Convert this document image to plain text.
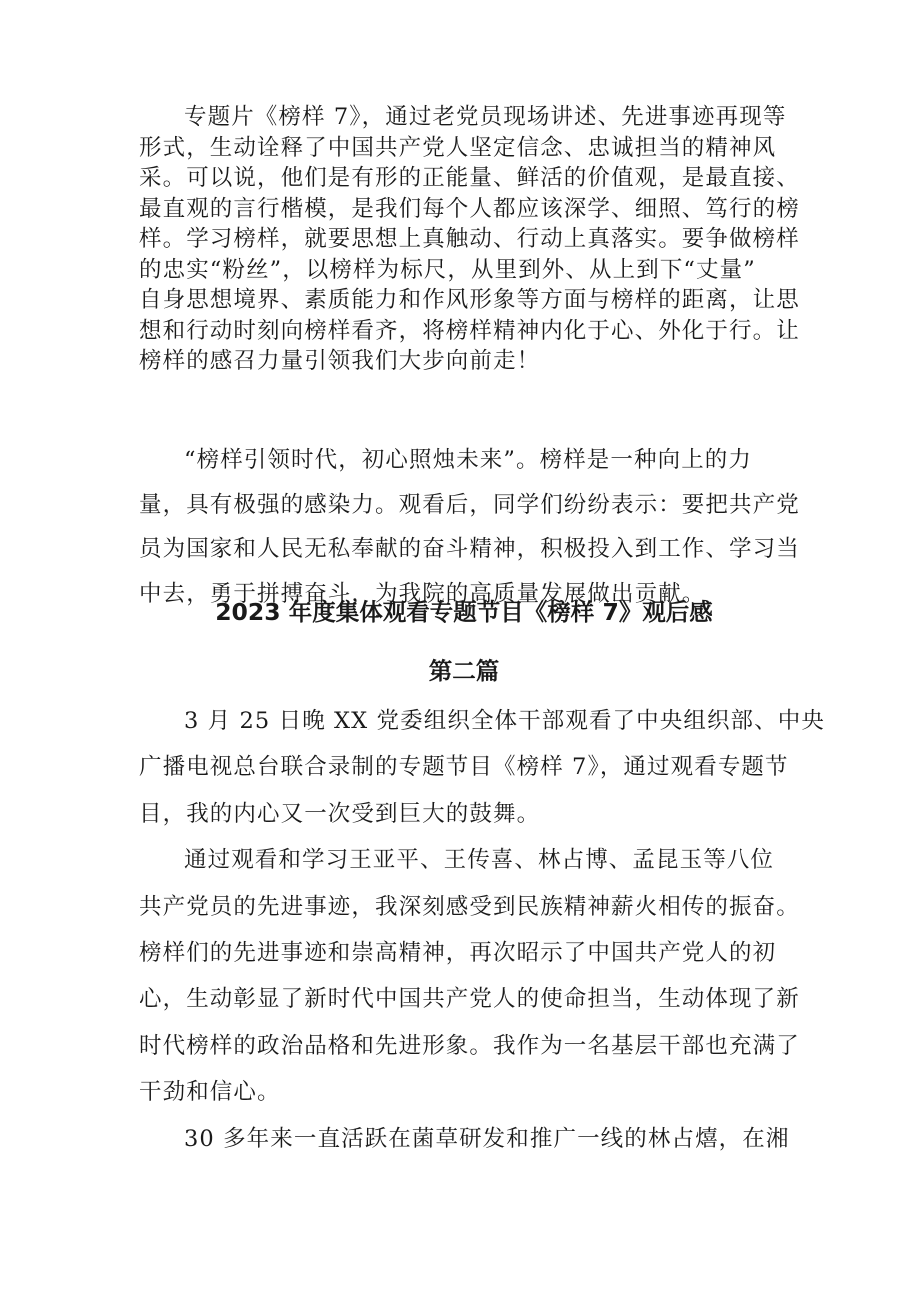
专题片《榜样 7》，通过老党员现场讲述、先进事迹再现等
形式，生动诠释了中国共产党人坚定信念、忠诚担当的精神风
采。可以说，他们是有形的正能量、鲜活的价值观，是最直接、
最直观的言行楷模，是我们每个人都应该深学、细照、笃行的榜
样。学习榜样，就要思想上真触动、行动上真落实。要争做榜样
的忠实“粉丝”，以榜样为标尺，从里到外、从上到下“丈量”
自身思想境界、素质能力和作风形象等方面与榜样的距离，让思
想和行动时刻向榜样看齐，将榜样精神内化于心、外化于行。让
榜样的感召力量引领我们大步向前走！
“榜样引领时代，初心照烛未来”。榜样是一种向上的力
量，具有极强的感染力。观看后，同学们纷纷表示：要把共产党
员为国家和人民无私奉献的奋斗精神，积极投入到工作、学习当
中去，勇于拼搏奋斗，为我院的高质量发展做出贡献。
2023 年度集体观看专题节目《榜样 7》观后感
第二篇
3 月 25 日晚 XX 党委组织全体干部观看了中央组织部、中央
广播电视总台联合录制的专题节目《榜样 7》，通过观看专题节
目，我的内心又一次受到巨大的鼓舞。
通过观看和学习王亚平、王传喜、林占博、孟昆玉等八位
共产党员的先进事迹，我深刻感受到民族精神薪火相传的振奋。
榜样们的先进事迹和崇高精神，再次昭示了中国共产党人的初
心，生动彰显了新时代中国共产党人的使命担当，生动体现了新
时代榜样的政治品格和先进形象。我作为一名基层干部也充满了
干劲和信心。
30 多年来一直活跃在菌草研发和推广一线的林占熺，在湘
